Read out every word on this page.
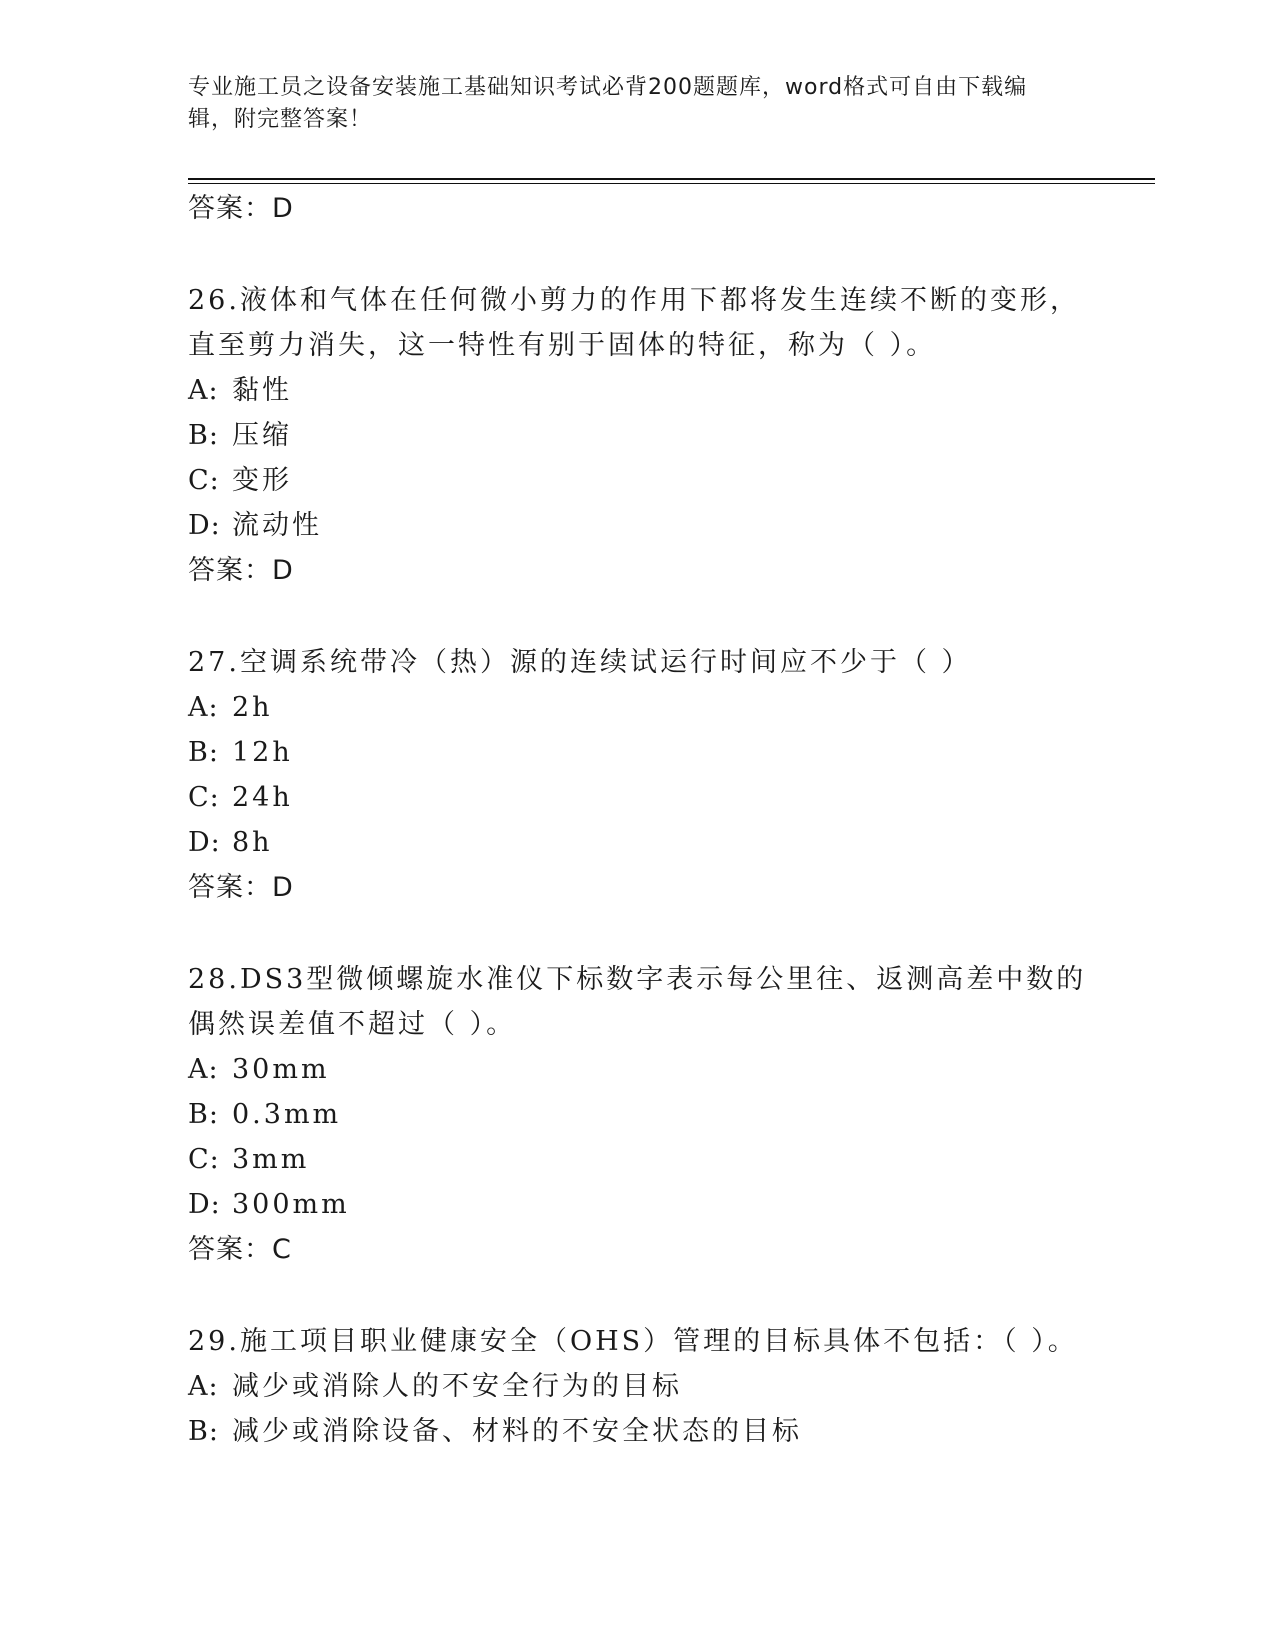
专业施工员之设备安装施工基础知识考试必背200题题库，word格式可自由下载编辑，附完整答案！
答案：D
26.液体和气体在任何微小剪力的作用下都将发生连续不断的变形，直至剪力消失，这一特性有别于固体的特征，称为（ ）。
A: 黏性
B: 压缩
C: 变形
D: 流动性
答案：D
27.空调系统带冷（热）源的连续试运行时间应不少于（ ）
A: 2h
B: 12h
C: 24h
D: 8h
答案：D
28.DS3型微倾螺旋水准仪下标数字表示每公里往、返测高差中数的偶然误差值不超过（ ）。
A: 30mm
B: 0.3mm
C: 3mm
D: 300mm
答案：C
29.施工项目职业健康安全（OHS）管理的目标具体不包括：（ ）。
A: 减少或消除人的不安全行为的目标
B: 减少或消除设备、材料的不安全状态的目标
